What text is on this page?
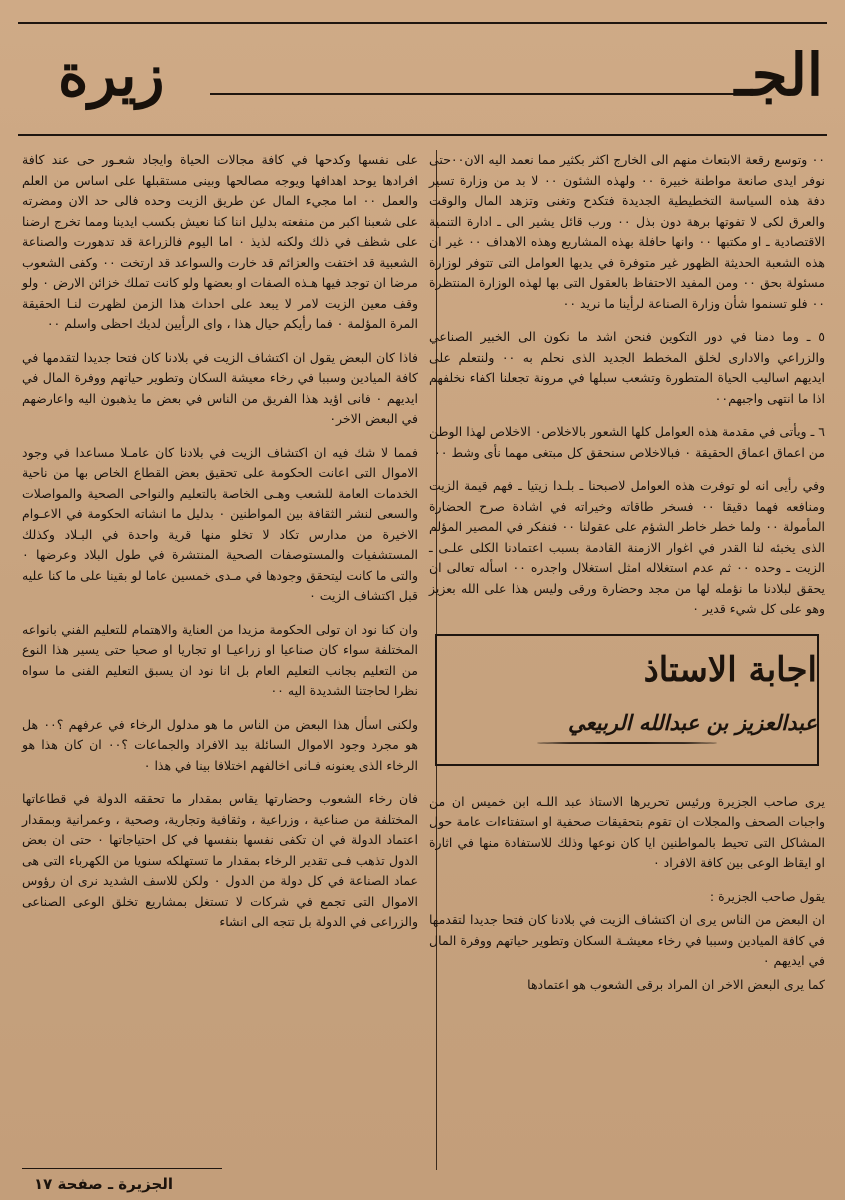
الجـ
زيرة

٠٠ وتوسع رقعة الابتعاث منهم الى الخارج اكثر بكثير مما نعمد اليه الان٠٠حتى نوفر ايدى صانعة مواطنة خبيرة ٠٠ ولهذه الشئون ٠٠ لا بد من وزارة تسير دفة هذه السياسة التخطيطية الجديدة فتكدح وتغنى وتزهد المال والوقت والعرق لكى لا تفوتها برهة دون بذل ٠٠ ورب قائل يشير الى ـ ادارة التنمية الاقتصادية ـ او مكتبها ٠٠ وانها حافلة بهذه المشاريع وهذه الاهداف ٠٠ غير ان هذه الشعبة الحديثة الظهور غير متوفرة في يديها العوامل التى تتوفر لوزارة مسئولة بحق ٠٠ ومن المفيد الاحتفاظ بالعقول التى بها لهذه الوزارة المنتظرة ٠٠ فلو تسنموا شأن وزارة الصناعة لرأينا ما نريد ٠٠

٥ ـ وما دمنا في دور التكوين فنحن اشد ما نكون الى الخبير الصناعي والزراعي والادارى لخلق المخطط الجديد الذى نحلم به ٠٠ ولنتعلم على ايديهم اساليب الحياة المتطورة وتشعب سبلها في مرونة تجعلنا اكفاء نخلفهم اذا ما انتهى واجبهم٠٠

٦ ـ ويأتى في مقدمة هذه العوامل كلها الشعور بالاخلاص٠ الاخلاص لهذا الوطن من اعماق اعماق الحقيقة ٠ فبالاخلاص سنحقق كل مبتغى مهما نأى وشط ٠٠

وفي رأيى انه لو توفرت هذه العوامل لاصبحنا ـ بلـدا زيتيا ـ فهم قيمة الزيت ومنافعه فهما دقيقا ٠٠ فسخر طاقاته وخيراته في اشادة صرح الحضارة المأمولة ٠٠ ولما خطر خاطر الشؤم على عقولنا ٠٠ فنفكر في المصير المؤلم الذى يخبئه لنا القدر في اغوار الازمنة القادمة بسبب اعتمادنا الكلى علـى ـ الزيت ـ وحده ٠٠ ثم عدم استغلاله امثل استغلال واجدره ٠٠ اسأله تعالى ان يحقق لبلادنا ما نؤمله لها من مجد وحضارة ورقى وليس هذا على الله بعزيز وهو على كل شيء قدير ٠

اجابة الاستاذ
عبدالعزيز بن عبدالله الربيعي

يرى صاحب الجزيرة ورئيس تحريرها الاستاذ عبد اللـه ابن خميس ان من واجبات الصحف والمجلات ان تقوم بتحقيقات صحفية او استفتاءات عامة حول المشاكل التى تحيط بالمواطنين ايا كان نوعها وذلك للاستفادة منها في اثارة او ايقاظ الوعى بين كافة الافراد ٠

يقول صاحب الجزيرة :

ان البعض من الناس يرى ان اكتشاف الزيت في بلادنا كان فتحا جديدا لتقدمها في كافة الميادين وسببا في رخاء معيشـة السكان وتطوير حياتهم ووفرة المال في ايديهم ٠

كما يرى البعض الاخر ان المراد برقى الشعوب هو اعتمادها

على نفسها وكدحها في كافة مجالات الحياة وايجاد شعـور حى عند كافة افرادها يوحد اهدافها ويوجه مصالحها وبينى مستقبلها على اساس من العلم والعمل ٠٠ اما مجيء المال عن طريق الزيت وحده فالى حد الان ومضرته على شعبنا اكبر من منفعته بدليل اننا كنا نعيش بكسب ايدينا ومما تخرج ارضنا على شظف في ذلك ولكنه لذيذ ٠ اما اليوم فالزراعة قد تدهورت والصناعة الشعبية قد اختفت والعزائم قد خارت والسواعد قد ارتخت ٠٠ وكفى الشعوب مرضا ان توجد فيها هـذه الصفات او بعضها ولو كانت تملك خزائن الارض ٠ ولو وقف معين الزيت لامر لا يبعد على احداث هذا الزمن لظهرت لنـا الحقيقة المرة المؤلمة ٠ فما رأيكم حيال هذا ، وای الرأيين لديك احظى واسلم ٠٠

فاذا كان البعض يقول ان اكتشاف الزيت في بلادنا كان فتحا جديدا لتقدمها في كافة الميادين وسببا في رخاء معيشة السكان وتطوير حياتهم ووفرة المال في ايديهم ٠ فانى اؤيد هذا الفريق من الناس في بعض ما يذهبون اليه واعارضهم في البعض الاخر٠

فمما لا شك فيه ان اكتشاف الزيت في بلادنا كان عامـلا مساعدا في وجود الاموال التى اعانت الحكومة على تحقيق بعض القطاع الخاص بها من ناحية الخدمات العامة للشعب وهـى الخاصة بالتعليم والنواحى الصحية والمواصلات والسعى لنشر الثقافة بين المواطنين ٠ بدليل ما انشاته الحكومة في الاعـوام الاخيرة من مدارس تكاد لا تخلو منها قرية واحدة في البـلاد وكذلك المستشفيات والمستوصفات الصحية المنتشرة في طول البلاد وعرضها ٠ والتى ما كانت ليتحقق وجودها في مـدى خمسين عاما لو بقينا على ما كنا عليه قبل اكتشاف الزيت ٠

وان كنا نود ان تولى الحكومة مزيدا من العناية والاهتمام للتعليم الفني بانواعه المختلفة سواء كان صناعيا او زراعيـا او تجاريا او صحيا حتى يسير هذا النوع من التعليم بجانب التعليم العام بل انا نود ان يسبق التعليم الفنى ما سواه نظرا لحاجتنا الشديدة اليه ٠٠

ولكنى اسأل هذا البعض من الناس ما هو مدلول الرخاء في عرفهم ؟٠٠ هل هو مجرد وجود الاموال السائلة بيد الافراد والجماعات ؟٠٠ ان كان هذا هو الرخاء الذى يعنونه فـانى اخالفهم اختلافا بينا في هذا ٠

فان رخاء الشعوب وحضارتها يقاس بمقدار ما تحققه الدولة في قطاعاتها المختلفة من صناعية ، وزراعية ، وثقافية وتجارية، وصحية ، وعمرانية وبمقدار اعتماد الدولة في ان تكفى نفسها بنفسها في كل احتياجاتها ٠ حتى ان بعض الدول تذهب فـى تقدير الرخاء بمقدار ما تستهلكه سنويا من الكهرباء التى هى عماد الصناعة في كل دولة من الدول ٠ ولكن للاسف الشديد نرى ان رؤوس الاموال التى تجمع في شركات لا تستغل بمشاريع تخلق الوعى الصناعى والزراعى في الدولة بل تتجه الى انشاء

الجزيرة ـ صفحة ١٧
